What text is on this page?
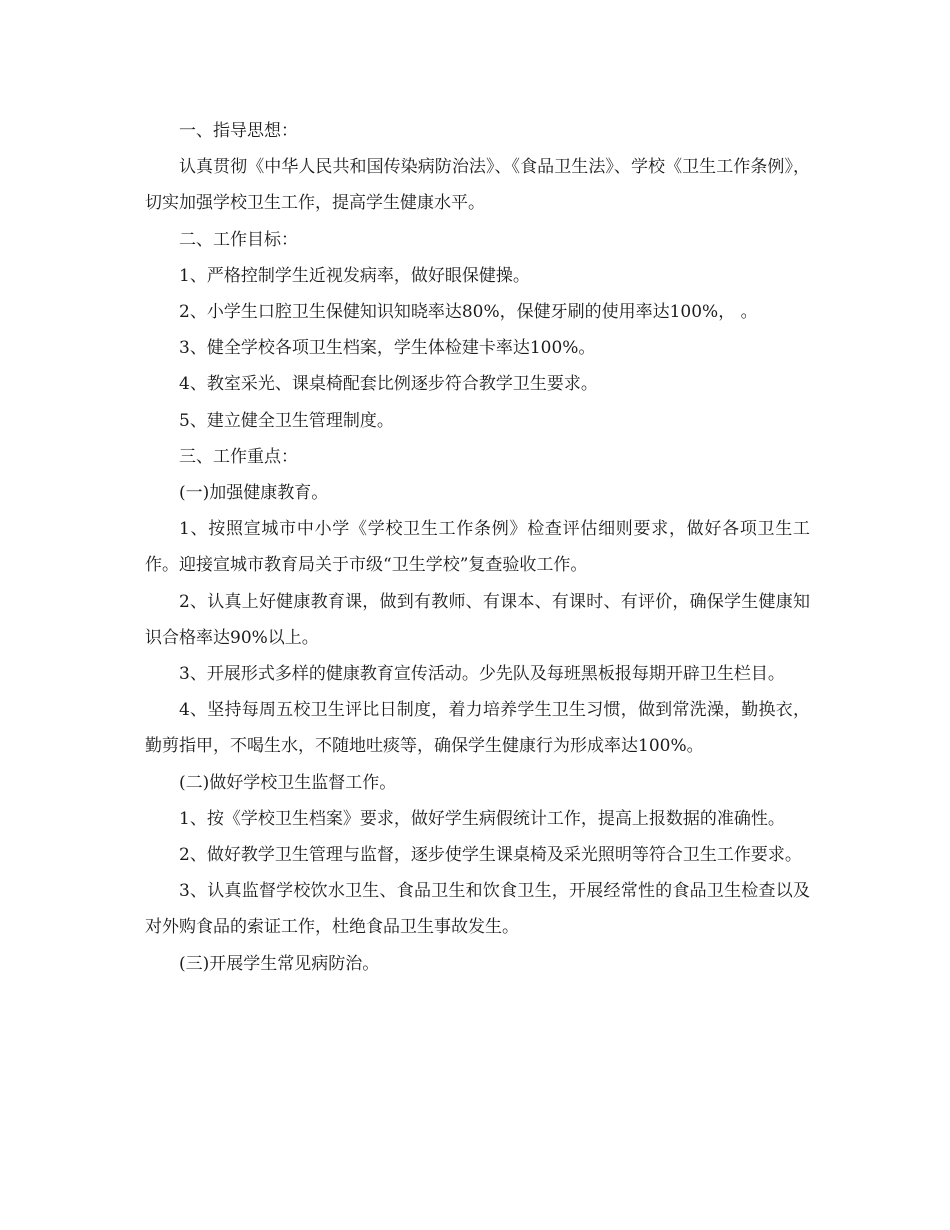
一、指导思想：

认真贯彻《中华人民共和国传染病防治法》、《食品卫生法》、学校《卫生工作条例》，切实加强学校卫生工作，提高学生健康水平。

二、工作目标：

1、严格控制学生近视发病率，做好眼保健操。

2、小学生口腔卫生保健知识知晓率达80%，保健牙刷的使用率达100%， 。

3、健全学校各项卫生档案，学生体检建卡率达100%。

4、教室采光、课桌椅配套比例逐步符合教学卫生要求。

5、建立健全卫生管理制度。

三、工作重点：

(一)加强健康教育。

1、按照宣城市中小学《学校卫生工作条例》检查评估细则要求，做好各项卫生工作。迎接宣城市教育局关于市级“卫生学校”复查验收工作。

2、认真上好健康教育课，做到有教师、有课本、有课时、有评价，确保学生健康知识合格率达90%以上。

3、开展形式多样的健康教育宣传活动。少先队及每班黑板报每期开辟卫生栏目。

4、坚持每周五校卫生评比日制度，着力培养学生卫生习惯，做到常洗澡，勤换衣，勤剪指甲，不喝生水，不随地吐痰等，确保学生健康行为形成率达100%。

(二)做好学校卫生监督工作。

1、按《学校卫生档案》要求，做好学生病假统计工作，提高上报数据的准确性。

2、做好教学卫生管理与监督，逐步使学生课桌椅及采光照明等符合卫生工作要求。

3、认真监督学校饮水卫生、食品卫生和饮食卫生，开展经常性的食品卫生检查以及对外购食品的索证工作，杜绝食品卫生事故发生。

(三)开展学生常见病防治。
